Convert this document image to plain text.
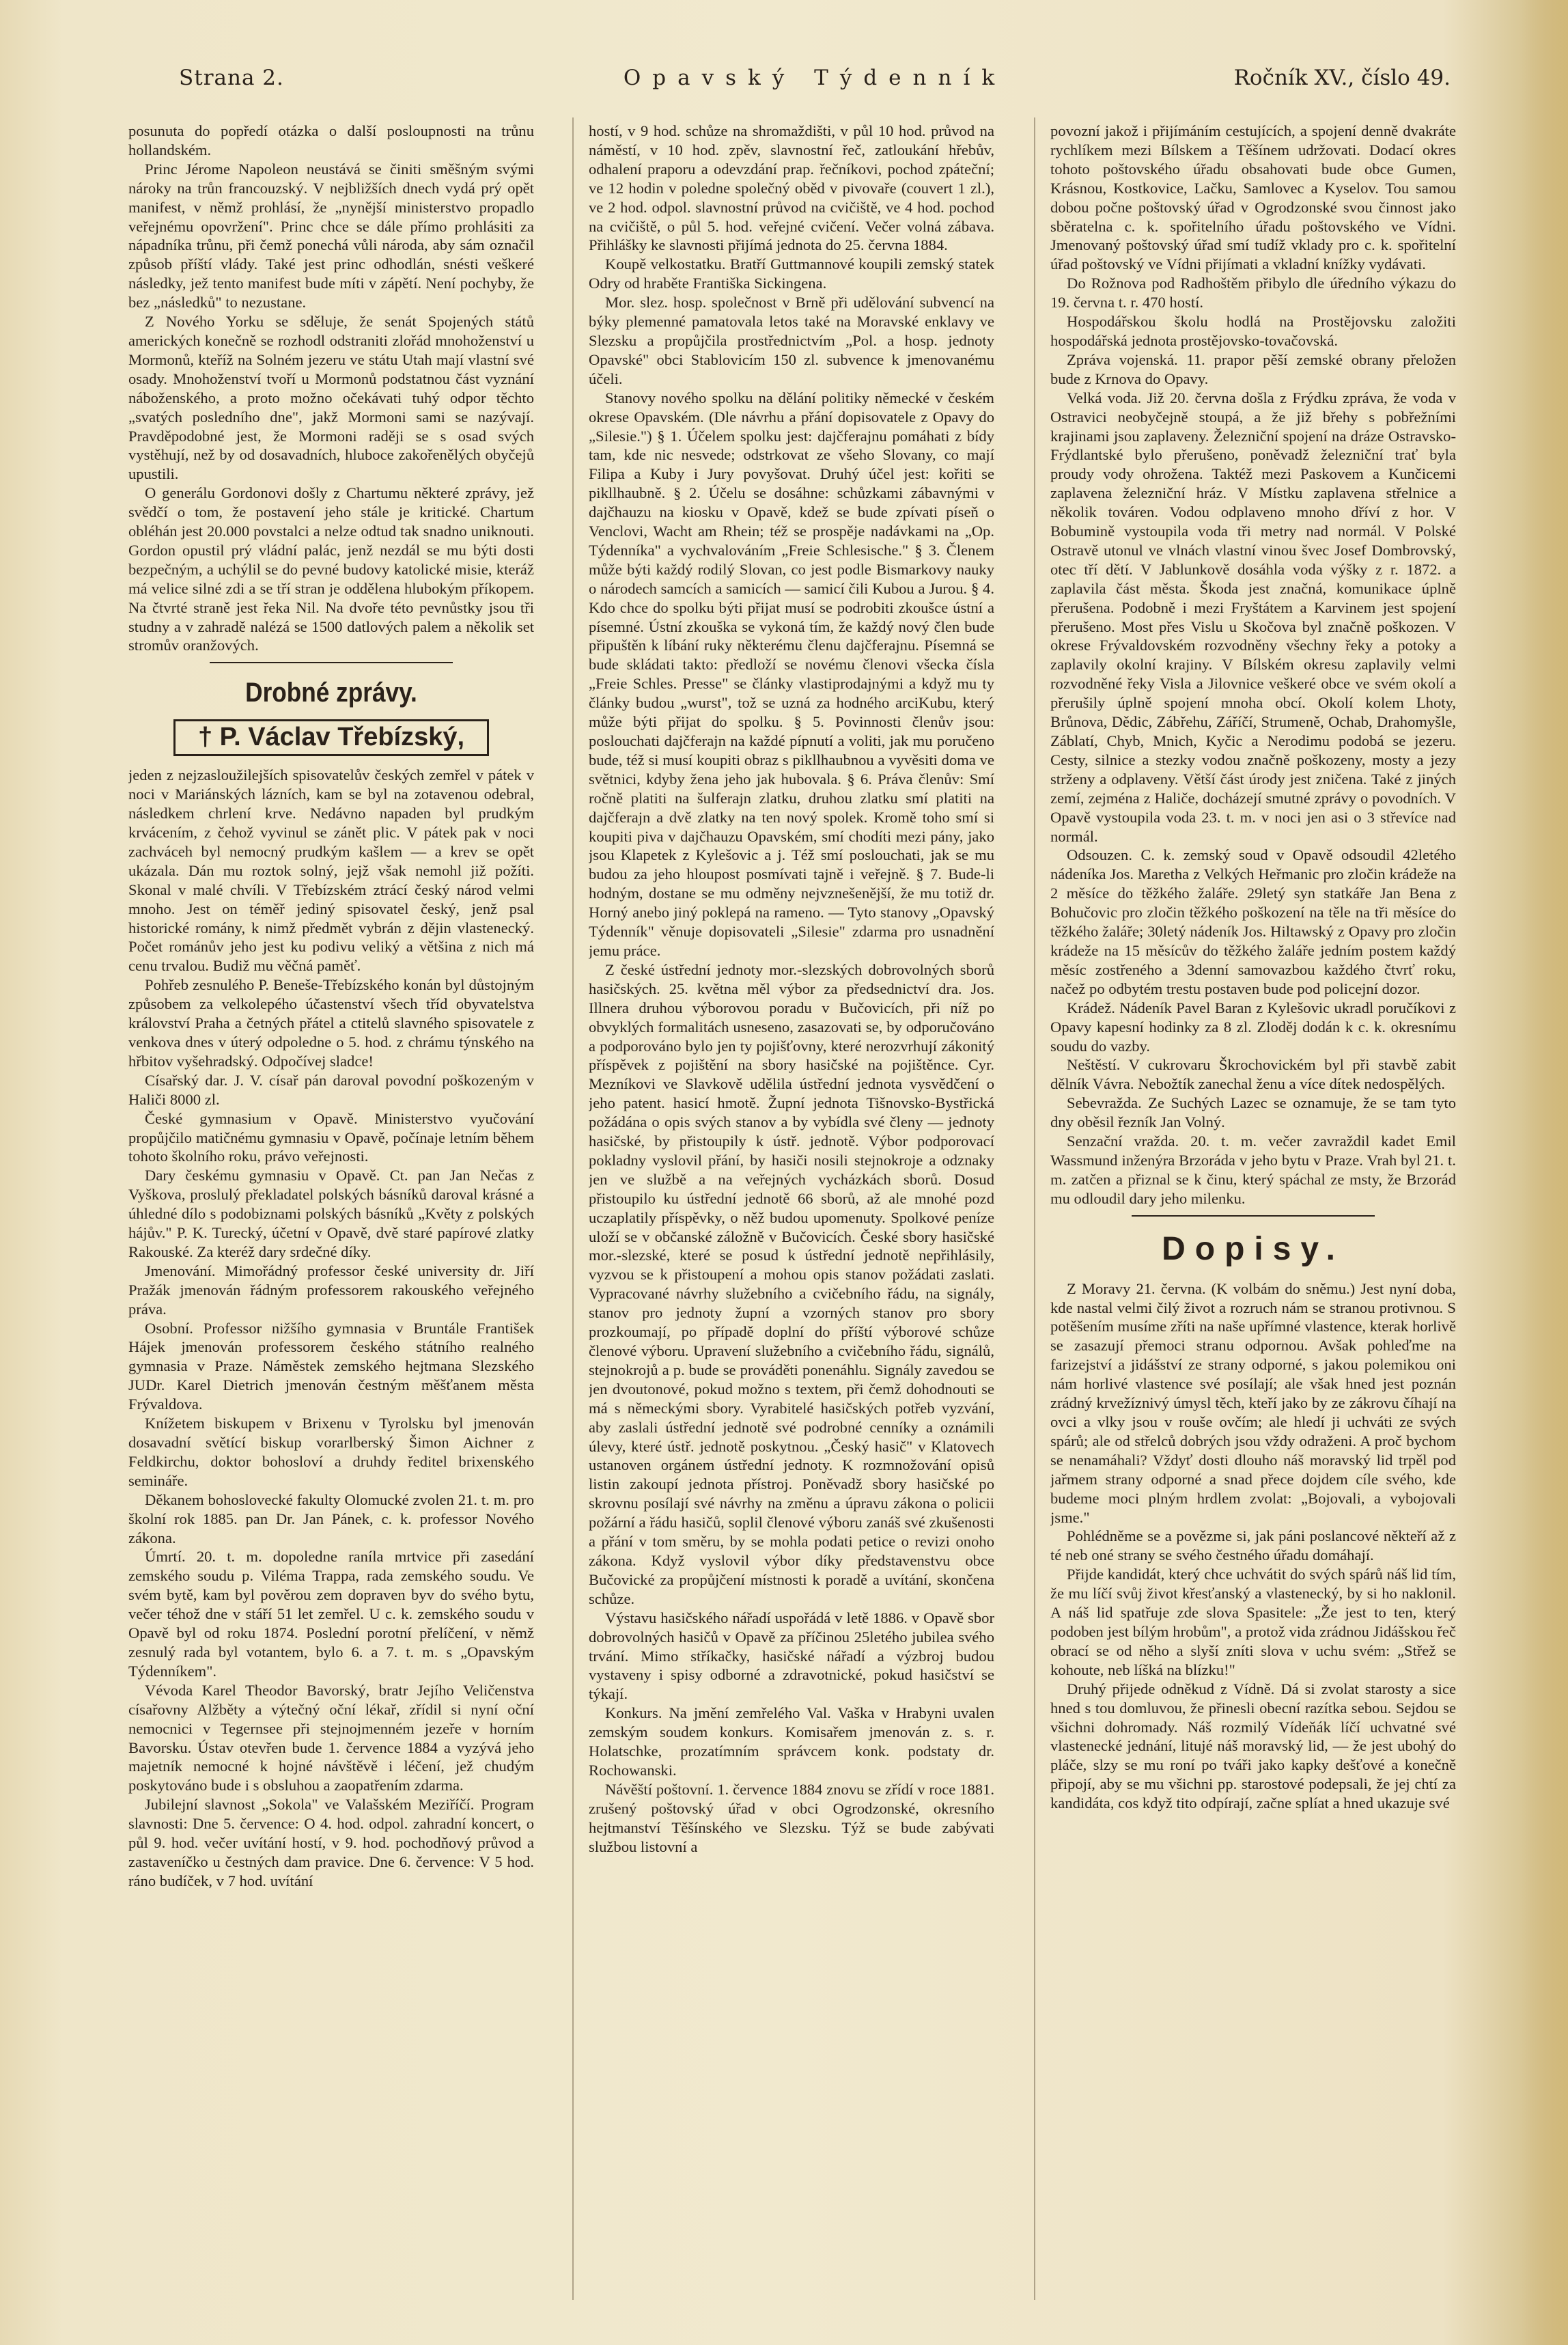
Strana 2.	Opavský Týdenník	Ročník XV., číslo 49.

posunuta do popředí otázka o další posloupnosti na trůnu hollandském.

Princ Jérome Napoleon neustává se činiti směšným svými nároky na trůn francouzský. V nejbližších dnech vydá prý opět manifest, v němž prohlásí, že „nynější ministerstvo propadlo veřejnému opovržení". Princ chce se dále přímo prohlásiti za nápadníka trůnu, při čemž ponechá vůli národa, aby sám označil způsob příští vlády. Také jest princ odhodlán, snésti veškeré následky, jež tento manifest bude míti v zápětí. Není pochyby, že bez „následků" to nezustane.

Z Nového Yorku se sděluje, že senát Spojených států amerických konečně se rozhodl odstraniti zlořád mnohoženství u Mormonů, kteříž na Solném jezeru ve státu Utah mají vlastní své osady. Mnohoženství tvoří u Mormonů podstatnou část vyznání náboženského, a proto možno očekávati tuhý odpor těchto „svatých posledního dne", jakž Mormoni sami se nazývají. Pravděpodobné jest, že Mormoni raději se s osad svých vystěhují, než by od dosavadních, hluboce zakořenělých obyčejů upustili.

O generálu Gordonovi došly z Chartumu některé zprávy, jež svědčí o tom, že postavení jeho stále je kritické. Chartum obléhán jest 20.000 povstalci a nelze odtud tak snadno uniknouti. Gordon opustil prý vládní palác, jenž nezdál se mu býti dosti bezpečným, a uchýlil se do pevné budovy katolické misie, kteráž má velice silné zdi a se tří stran je oddělena hlubokým příkopem. Na čtvrté straně jest řeka Nil. Na dvoře této pevnůstky jsou tři studny a v zahradě nalézá se 1500 datlových palem a několik set stromův oranžových.

Drobné zprávy.
† P. Václav Třebízský,

jeden z nejzasloužilejších spisovatelův českých zemřel v pátek v noci v Mariánských lázních, kam se byl na zotavenou odebral, následkem chrlení krve. Nedávno napaden byl prudkým krvácením, z čehož vyvinul se zánět plic. V pátek pak v noci zachváceh byl nemocný prudkým kašlem — a krev se opět ukázala. Dán mu roztok solný, jejž však nemohl již požíti. Skonal v malé chvíli. V Třebízském ztrácí český národ velmi mnoho. Jest on téměř jediný spisovatel český, jenž psal historické romány, k nimž předmět vybrán z dějin vlastenecký. Počet románův jeho jest ku podivu veliký a většina z nich má cenu trvalou. Budiž mu věčná paměť.

Pohřeb zesnulého P. Beneše-Třebízského konán byl důstojným způsobem za velkolepého účastenství všech tříd obyvatelstva království Praha a četných přátel a ctitelů slavného spisovatele z venkova dnes v úterý odpoledne o 5. hod. z chrámu týnského na hřbitov vyšehradský. Odpočívej sladce!

Císařský dar. J. V. císař pán daroval povodní poškozeným v Haliči 8000 zl.

České gymnasium v Opavě. Ministerstvo vyučování propůjčilo matičnému gymnasiu v Opavě, počínaje letním během tohoto školního roku, právo veřejnosti.

Dary českému gymnasiu v Opavě. Ct. pan Jan Nečas z Vyškova, proslulý překladatel polských básníků daroval krásné a úhledné dílo s podobiznami polských básníků „Květy z polských hájův." P. K. Turecký, účetní v Opavě, dvě staré papírové zlatky Rakouské. Za kteréž dary srdečné díky.

Jmenování. Mimořádný professor české university dr. Jiří Pražák jmenován řádným professorem rakouského veřejného práva.

Osobní. Professor nižšího gymnasia v Bruntále František Hájek jmenován professorem českého státního realného gymnasia v Praze. Náměstek zemského hejtmana Slezského JUDr. Karel Dietrich jmenován čestným měšťanem města Frývaldova.

Knížetem biskupem v Brixenu v Tyrolsku byl jmenován dosavadní světící biskup vorarlberský Šimon Aichner z Feldkirchu, doktor bohosloví a druhdy ředitel brixenského semináře.

Děkanem bohoslovecké fakulty Olomucké zvolen 21. t. m. pro školní rok 1885. pan Dr. Jan Pánek, c. k. professor Nového zákona.

Úmrtí. 20. t. m. dopoledne raníla mrtvice při zasedání zemského soudu p. Viléma Trappa, rada zemského soudu. Ve svém bytě, kam byl pověrou zem dopraven byv do svého bytu, večer téhož dne v stáří 51 let zemřel. U c. k. zemského soudu v Opavě byl od roku 1874. Poslední porotní přelíčení, v němž zesnulý rada byl votantem, bylo 6. a 7. t. m. s „Opavským Týdenníkem".

Vévoda Karel Theodor Bavorský, bratr Jejího Veličenstva císařovny Alžběty a výtečný oční lékař, zřídil si nyní oční nemocnici v Tegernsee při stejnojmenném jezeře v horním Bavorsku. Ústav otevřen bude 1. července 1884 a vyzývá jeho majetník nemocné k hojné návštěvě i léčení, jež chudým poskytováno bude i s obsluhou a zaopatřením zdarma.

Jubilejní slavnost „Sokola" ve Valašském Meziříčí. Program slavnosti: Dne 5. července: O 4. hod. odpol. zahradní koncert, o půl 9. hod. večer uvítání hostí, v 9. hod. pochodňový průvod a zastaveníčko u čestných dam pravice. Dne 6. července: V 5 hod. ráno budíček, v 7 hod. uvítání

hostí, v 9 hod. schůze na shromaždišti, v půl 10 hod. průvod na náměstí, v 10 hod. zpěv, slavnostní řeč, zatloukání hřebův, odhalení praporu a odevzdání prap. řečníkovi, pochod zpáteční; ve 12 hodin v poledne společný oběd v pivovaře (couvert 1 zl.), ve 2 hod. odpol. slavnostní průvod na cvičiště, ve 4 hod. pochod na cvičiště, o půl 5. hod. veřejné cvičení. Večer volná zábava. Přihlášky ke slavnosti přijímá jednota do 25. června 1884.

Koupě velkostatku. Bratří Guttmannové koupili zemský statek Odry od hraběte Františka Sickingena.

Mor. slez. hosp. společnost v Brně při udělování subvencí na býky plemenné pamatovala letos také na Moravské enklavy ve Slezsku a propůjčila prostřednictvím „Pol. a hosp. jednoty Opavské" obci Stablovicím 150 zl. subvence k jmenovanému účeli.

Stanovy nového spolku na dělání politiky německé v českém okrese Opavském. (Dle návrhu a přání dopisovatele z Opavy do „Silesie.") § 1. Účelem spolku jest: dajčferajnu pomáhati z bídy tam, kde nic nesvede; odstrkovat ze všeho Slovany, co mají Filipa a Kuby i Jury povyšovat. Druhý účel jest: kořiti se pikllhaubně. § 2. Účelu se dosáhne: schůzkami zábavnými v dajčhauzu na kiosku v Opavě, kdež se bude zpívati píseň o Venclovi, Wacht am Rhein; též se prospěje nadávkami na „Op. Týdenníka" a vychvalováním „Freie Schlesische." § 3. Členem může býti každý rodilý Slovan, co jest podle Bismarkovy nauky o národech samcích a samicích — samicí čili Kubou a Jurou. § 4. Kdo chce do spolku býti přijat musí se podrobiti zkoušce ústní a písemné. Ústní zkouška se vykoná tím, že každý nový člen bude připuštěn k líbání ruky některému členu dajčferajnu. Písemná se bude skládati takto: předloží se novému členovi všecka čísla „Freie Schles. Presse" se články vlastiprodajnými a když mu ty články budou „wurst", tož se uzná za hodného arciKubu, který může býti přijat do spolku. § 5. Povinnosti členův jsou: poslouchati dajčferajn na každé pípnutí a voliti, jak mu poručeno bude, též si musí koupiti obraz s pikllhaubnou a vyvěsiti doma ve světnici, kdyby žena jeho jak hubovala. § 6. Práva členův: Smí ročně platiti na šulferajn zlatku, druhou zlatku smí platiti na dajčferajn a dvě zlatky na ten nový spolek. Kromě toho smí si koupiti piva v dajčhauzu Opavském, smí chodíti mezi pány, jako jsou Klapetek z Kylešovic a j. Též smí poslouchati, jak se mu budou za jeho hloupost posmívati tajně i veřejně. § 7. Bude-li hodným, dostane se mu odměny nejvznešenější, že mu totiž dr. Horný anebo jiný poklepá na rameno. — Tyto stanovy „Opavský Týdenník" věnuje dopisovateli „Silesie" zdarma pro usnadnění jemu práce.

Z české ústřední jednoty mor.-slezských dobrovolných sborů hasičských. 25. května měl výbor za předsednictví dra. Jos. Illnera druhou výborovou poradu v Bučovicích, při níž po obvyklých formalitách usneseno, zasazovati se, by odporučováno a podporováno bylo jen ty pojišťovny, které nerozvrhují zákonitý příspěvek z pojištění na sbory hasičské na pojištěnce. Cyr. Mezníkovi ve Slavkově udělila ústřední jednota vysvědčení o jeho patent. hasicí hmotě. Župní jednota Tišnovsko-Bystřická požádána o opis svých stanov a by vybídla své členy — jednoty hasičské, by přistoupily k ústř. jednotě. Výbor podporovací pokladny vyslovil přání, by hasiči nosili stejnokroje a odznaky jen ve službě a na veřejných vycházkách sborů. Dosud přistoupilo ku ústřední jednotě 66 sborů, až ale mnohé pozd uczaplatily příspěvky, o něž budou upomenuty. Spolkové peníze uloží se v občanské záložně v Bučovicích. České sbory hasičské mor.-slezské, které se posud k ústřední jednotě nepřihlásily, vyzvou se k přistoupení a mohou opis stanov požádati zaslati. Vypracované návrhy služebního a cvičebního řádu, na signály, stanov pro jednoty župní a vzorných stanov pro sbory prozkoumají, po případě doplní do příští výborové schůze členové výboru. Upravení služebního a cvičebního řádu, signálů, stejnokrojů a p. bude se prováděti ponenáhlu. Signály zavedou se jen dvoutonové, pokud možno s textem, při čemž dohodnouti se má s německými sbory. Vyrabitelé hasičských potřeb vyzvání, aby zaslali ústřední jednotě své podrobné cenníky a oznámili úlevy, které ústř. jednotě poskytnou. „Český hasič" v Klatovech ustanoven orgánem ústřední jednoty. K rozmnožování opisů listin zakoupí jednota přístroj. Poněvadž sbory hasičské po skrovnu posílají své návrhy na změnu a úpravu zákona o policii požární a řádu hasičů, soplil členové výboru zanáš své zkušenosti a přání v tom směru, by se mohla podati petice o revizi onoho zákona. Když vyslovil výbor díky představenstvu obce Bučovické za propůjčení místnosti k poradě a uvítání, skončena schůze.

Výstavu hasičského nářadí uspořádá v letě 1886. v Opavě sbor dobrovolných hasičů v Opavě za příčinou 25letého jubilea svého trvání. Mimo stříkačky, hasičské nářadí a výzbroj budou vystaveny i spisy odborné a zdravotnické, pokud hasičství se týkají.

Konkurs. Na jmění zemřelého Val. Vaška v Hrabyni uvalen zemským soudem konkurs. Komisařem jmenován z. s. r. Holatschke, prozatímním správcem konk. podstaty dr. Rochowanski.

Návěští poštovní. 1. července 1884 znovu se zřídí v roce 1881. zrušený poštovský úřad v obci Ogrodzonské, okresního hejtmanství Těšínského ve Slezsku. Týž se bude zabývati službou listovní a

povozní jakož i přijímáním cestujících, a spojení denně dvakráte rychlíkem mezi Bílskem a Těšínem udržovati. Dodací okres tohoto poštovského úřadu obsahovati bude obce Gumen, Krásnou, Kostkovice, Lačku, Samlovec a Kyselov. Tou samou dobou počne poštovský úřad v Ogrodzonské svou činnost jako sběratelna c. k. spořitelního úřadu poštovského ve Vídni. Jmenovaný poštovský úřad smí tudíž vklady pro c. k. spořitelní úřad poštovský ve Vídni přijímati a vkladní knížky vydávati.

Do Rožnova pod Radhoštěm přibylo dle úředního výkazu do 19. června t. r. 470 hostí.

Hospodářskou školu hodlá na Prostějovsku založiti hospodářská jednota prostějovsko-tovačovská.

Zpráva vojenská. 11. prapor pěší zemské obrany přeložen bude z Krnova do Opavy.

Velká voda. Již 20. června došla z Frýdku zpráva, že voda v Ostravici neobyčejně stoupá, a že již břehy s pobřežními krajinami jsou zaplaveny. Železniční spojení na dráze Ostravsko-Frýdlantské bylo přerušeno, poněvadž železniční trať byla proudy vody ohrožena. Taktéž mezi Paskovem a Kunčicemi zaplavena železniční hráz. V Místku zaplavena střelnice a několik továren. Vodou odplaveno mnoho dříví z hor. V Bobumině vystoupila voda tři metry nad normál. V Polské Ostravě utonul ve vlnách vlastní vinou švec Josef Dombrovský, otec tří dětí. V Jablunkově dosáhla voda výšky z r. 1872. a zaplavila část města. Škoda jest značná, komunikace úplně přerušena. Podobně i mezi Fryštátem a Karvinem jest spojení přerušeno. Most přes Vislu u Skočova byl značně poškozen. V okrese Frývaldovském rozvodněny všechny řeky a potoky a zaplavily okolní krajiny. V Bílském okresu zaplavily velmi rozvodněné řeky Visla a Jilovnice veškeré obce ve svém okolí a přerušily úplně spojení mnoha obcí. Okolí kolem Lhoty, Brůnova, Dědic, Zábřehu, Záříčí, Strumeně, Ochab, Drahomyšle, Záblatí, Chyb, Mnich, Kyčic a Nerodimu podobá se jezeru. Cesty, silnice a stezky vodou značně poškozeny, mosty a jezy strženy a odplaveny. Větší část úrody jest zničena. Také z jiných zemí, zejména z Haliče, docházejí smutné zprávy o povodních. V Opavě vystoupila voda 23. t. m. v noci jen asi o 3 střevíce nad normál.

Odsouzen. C. k. zemský soud v Opavě odsoudil 42letého nádeníka Jos. Maretha z Velkých Heřmanic pro zločin krádeže na 2 měsíce do těžkého žaláře. 29letý syn statkáře Jan Bena z Bohučovic pro zločin těžkého poškození na těle na tři měsíce do těžkého žaláře; 30letý nádeník Jos. Hiltawský z Opavy pro zločin krádeže na 15 měsícův do těžkého žaláře jedním postem každý měsíc zostřeného a 3denní samovazbou každého čtvrť roku, načež po odbytém trestu postaven bude pod policejní dozor.

Krádež. Nádeník Pavel Baran z Kylešovic ukradl poručíkovi z Opavy kapesní hodinky za 8 zl. Zloděj dodán k c. k. okresnímu soudu do vazby.

Neštěstí. V cukrovaru Škrochovickém byl při stavbě zabit dělník Vávra. Nebožtík zanechal ženu a více dítek nedospělých.

Sebevražda. Ze Suchých Lazec se oznamuje, že se tam tyto dny oběsil řezník Jan Volný.

Senzační vražda. 20. t. m. večer zavraždil kadet Emil Wassmund inženýra Brzoráda v jeho bytu v Praze. Vrah byl 21. t. m. zatčen a přiznal se k činu, který spáchal ze msty, že Brzorád mu odloudil dary jeho milenku.

Dopisy.

Z Moravy 21. června. (K volbám do sněmu.) Jest nyní doba, kde nastal velmi čilý život a rozruch nám se stranou protivnou. S potěšením musíme zříti na naše upřímné vlastence, kterak horlivě se zasazují přemoci stranu odpornou. Avšak pohleďme na farizejství a jidášství ze strany odporné, s jakou polemikou oni nám horlivé vlastence své posílají; ale však hned jest poznán zrádný krvežíznivý úmysl těch, kteří jako by ze zákrovu číhají na ovci a vlky jsou v rouše ovčím; ale hledí ji uchváti ze svých spárů; ale od střelců dobrých jsou vždy odraženi. A proč bychom se nenamáhali? Vždyť dosti dlouho náš moravský lid trpěl pod jařmem strany odporné a snad přece dojdem cíle svého, kde budeme moci plným hrdlem zvolat: „Bojovali, a vybojovali jsme."

Pohlédněme se a povězme si, jak páni poslancové někteří až z té neb oné strany se svého čestného úřadu domáhají.

Přijde kandidát, který chce uchvátit do svých spárů náš lid tím, že mu líčí svůj život křesťanský a vlastenecký, by si ho naklonil. A náš lid spatřuje zde slova Spasitele: „Že jest to ten, který podoben jest bílým hrobům", a protož vida zrádnou Jidášskou řeč obrací se od něho a slyší zníti slova v uchu svém: „Střež se kohoute, neb líšká na blízku!"

Druhý přijede odněkud z Vídně. Dá si zvolat starosty a sice hned s tou domluvou, že přinesli obecní razítka sebou. Sejdou se všichni dohromady. Náš rozmilý Vídeňák líčí uchvatné své vlastenecké jednání, litujé náš moravský lid, — že jest ubohý do pláče, slzy se mu roní po tváři jako kapky dešťové a konečně připojí, aby se mu všichni pp. starostové podepsali, že jej chtí za kandidáta, cos když tito odpírají, začne splíat a hned ukazuje své
